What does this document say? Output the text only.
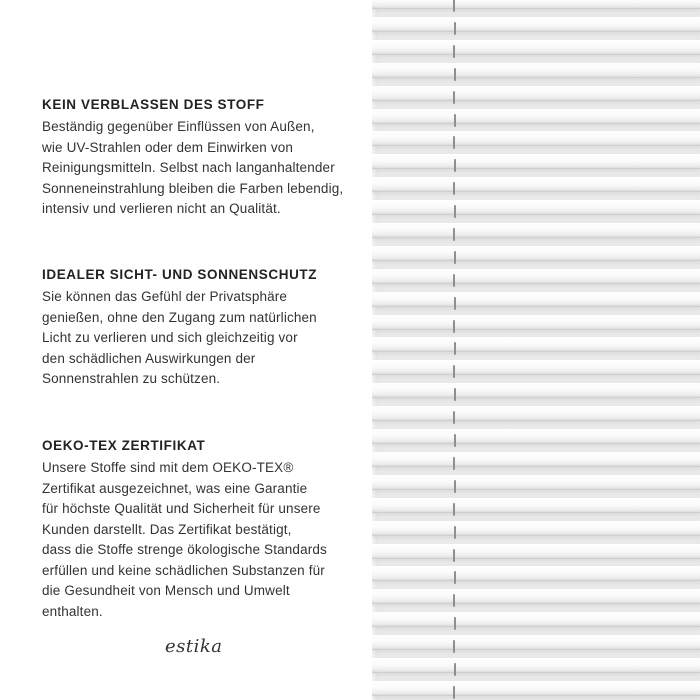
KEIN VERBLASSEN DES STOFF

Beständig gegenüber Einflüssen von Außen,
wie UV-Strahlen oder dem Einwirken von
Reinigungsmitteln. Selbst nach langanhaltender
Sonneneinstrahlung bleiben die Farben lebendig,
intensiv und verlieren nicht an Qualität.

IDEALER SICHT- UND SONNENSCHUTZ

Sie können das Gefühl der Privatsphäre
genießen, ohne den Zugang zum natürlichen
Licht zu verlieren und sich gleichzeitig vor
den schädlichen Auswirkungen der
Sonnenstrahlen zu schützen.

OEKO-TEX ZERTIFIKAT

Unsere Stoffe sind mit dem OEKO-TEX®
Zertifikat ausgezeichnet, was eine Garantie
für höchste Qualität und Sicherheit für unsere
Kunden darstellt. Das Zertifikat bestätigt,
dass die Stoffe strenge ökologische Standards
erfüllen und keine schädlichen Substanzen für
die Gesundheit von Mensch und Umwelt
enthalten.

estika
